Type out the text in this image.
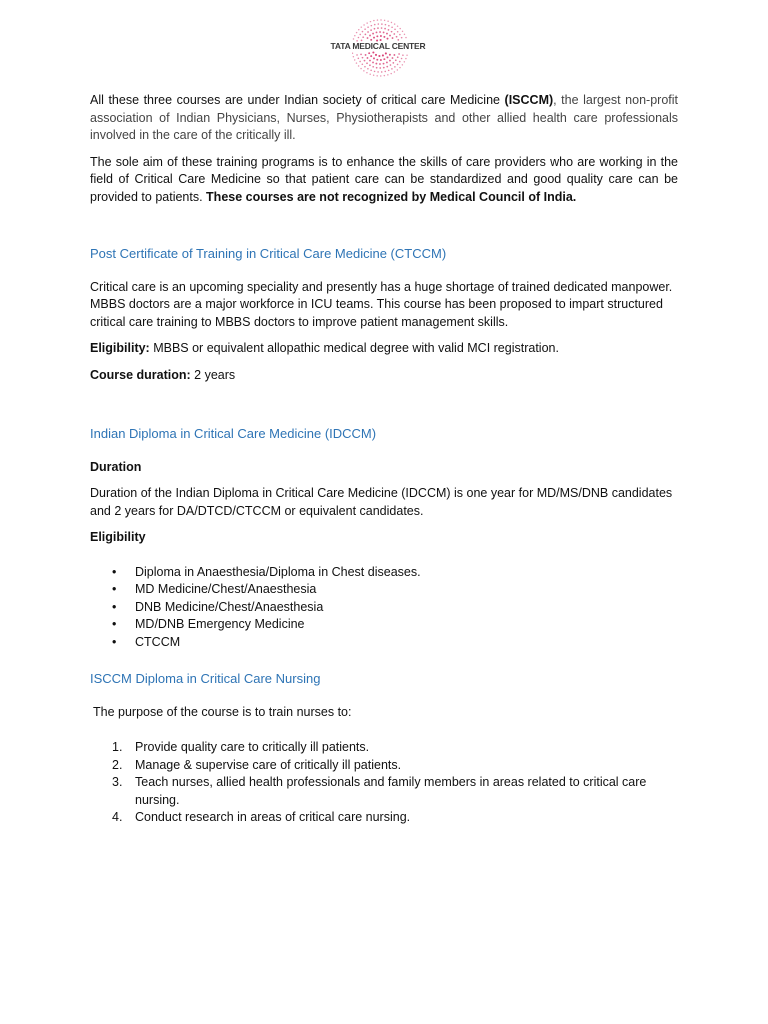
TATA MEDICAL CENTER

All these three courses are under Indian society of critical care Medicine (ISCCM), the largest non-profit association of Indian Physicians, Nurses, Physiotherapists and other allied health care professionals involved in the care of the critically ill.

The sole aim of these training programs is to enhance the skills of care providers who are working in the field of Critical Care Medicine so that patient care can be standardized and good quality care can be provided to patients. These courses are not recognized by Medical Council of India.

Post Certificate of Training in Critical Care Medicine (CTCCM)

Critical care is an upcoming speciality and presently has a huge shortage of trained dedicated manpower. MBBS doctors are a major workforce in ICU teams. This course has been proposed to impart structured critical care training to MBBS doctors to improve patient management skills.

Eligibility: MBBS or equivalent allopathic medical degree with valid MCI registration.

Course duration: 2 years

Indian Diploma in Critical Care Medicine (IDCCM)

Duration

Duration of the Indian Diploma in Critical Care Medicine (IDCCM) is one year for MD/MS/DNB candidates and 2 years for DA/DTCD/CTCCM or equivalent candidates.

Eligibility

• Diploma in Anaesthesia/Diploma in Chest diseases.
• MD Medicine/Chest/Anaesthesia
• DNB Medicine/Chest/Anaesthesia
• MD/DNB Emergency Medicine
• CTCCM

ISCCM Diploma in Critical Care Nursing

The purpose of the course is to train nurses to:

1. Provide quality care to critically ill patients.
2. Manage & supervise care of critically ill patients.
3. Teach nurses, allied health professionals and family members in areas related to critical care nursing.
4. Conduct research in areas of critical care nursing.
